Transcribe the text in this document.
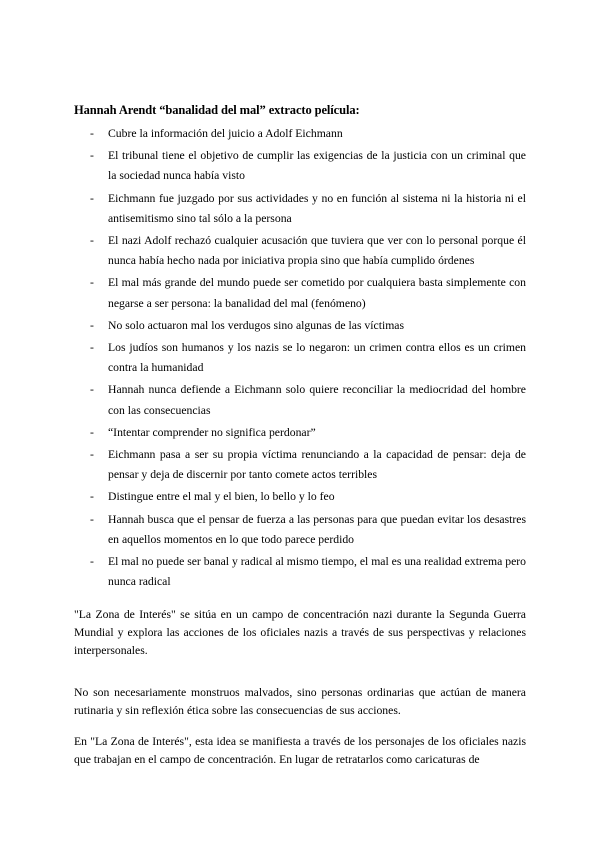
Hannah Arendt “banalidad del mal” extracto película:
- Cubre la información del juicio a Adolf Eichmann
- El tribunal tiene el objetivo de cumplir las exigencias de la justicia con un criminal que la sociedad nunca había visto
- Eichmann fue juzgado por sus actividades y no en función al sistema ni la historia ni el antisemitismo sino tal sólo a la persona
- El nazi Adolf rechazó cualquier acusación que tuviera que ver con lo personal porque él nunca había hecho nada por iniciativa propia sino que había cumplido órdenes
- El mal más grande del mundo puede ser cometido por cualquiera basta simplemente con negarse a ser persona: la banalidad del mal (fenómeno)
- No solo actuaron mal los verdugos sino algunas de las víctimas
- Los judíos son humanos y los nazis se lo negaron: un crimen contra ellos es un crimen contra la humanidad
- Hannah nunca defiende a Eichmann solo quiere reconciliar la mediocridad del hombre con las consecuencias
- “Intentar comprender no significa perdonar”
- Eichmann pasa a ser su propia víctima renunciando a la capacidad de pensar: deja de pensar y deja de discernir por tanto comete actos terribles
- Distingue entre el mal y el bien, lo bello y lo feo
- Hannah busca que el pensar de fuerza a las personas para que puedan evitar los desastres en aquellos momentos en lo que todo parece perdido
- El mal no puede ser banal y radical al mismo tiempo, el mal es una realidad extrema pero nunca radical

"La Zona de Interés" se sitúa en un campo de concentración nazi durante la Segunda Guerra Mundial y explora las acciones de los oficiales nazis a través de sus perspectivas y relaciones interpersonales.

No son necesariamente monstruos malvados, sino personas ordinarias que actúan de manera rutinaria y sin reflexión ética sobre las consecuencias de sus acciones.

En "La Zona de Interés", esta idea se manifiesta a través de los personajes de los oficiales nazis que trabajan en el campo de concentración. En lugar de retratarlos como caricaturas de
